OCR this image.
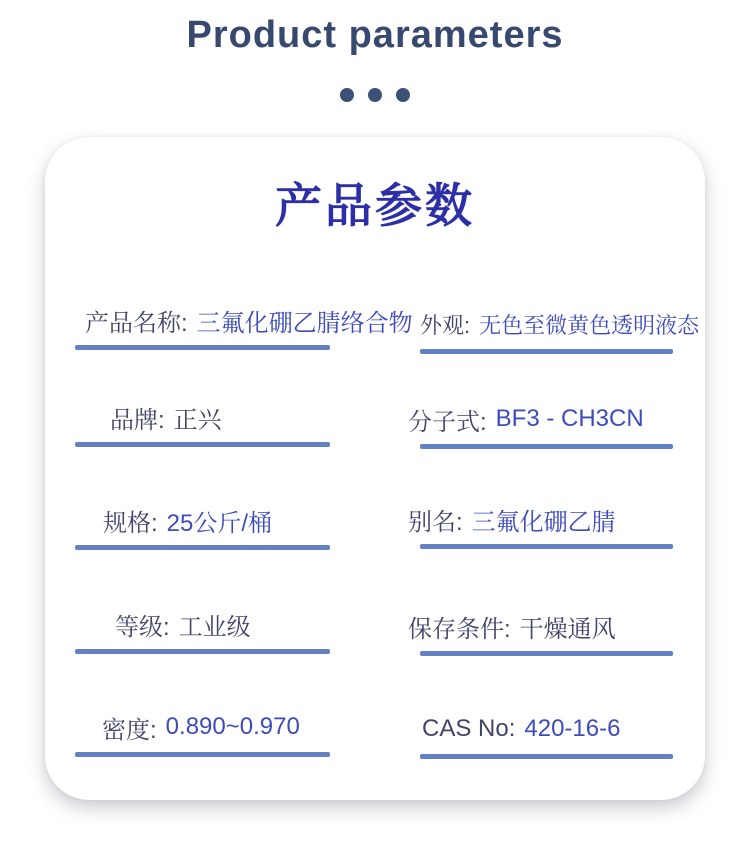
Product parameters
产品参数
产品名称: 三氟化硼乙腈络合物 外观: 无色至微黄色透明液态
品牌: 正兴	分子式: BF3 - CH3CN
规格: 25公斤/桶	别名: 三氟化硼乙腈
等级: 工业级	保存条件: 干燥通风
密度: 0.890~0.970	CAS No: 420-16-6
